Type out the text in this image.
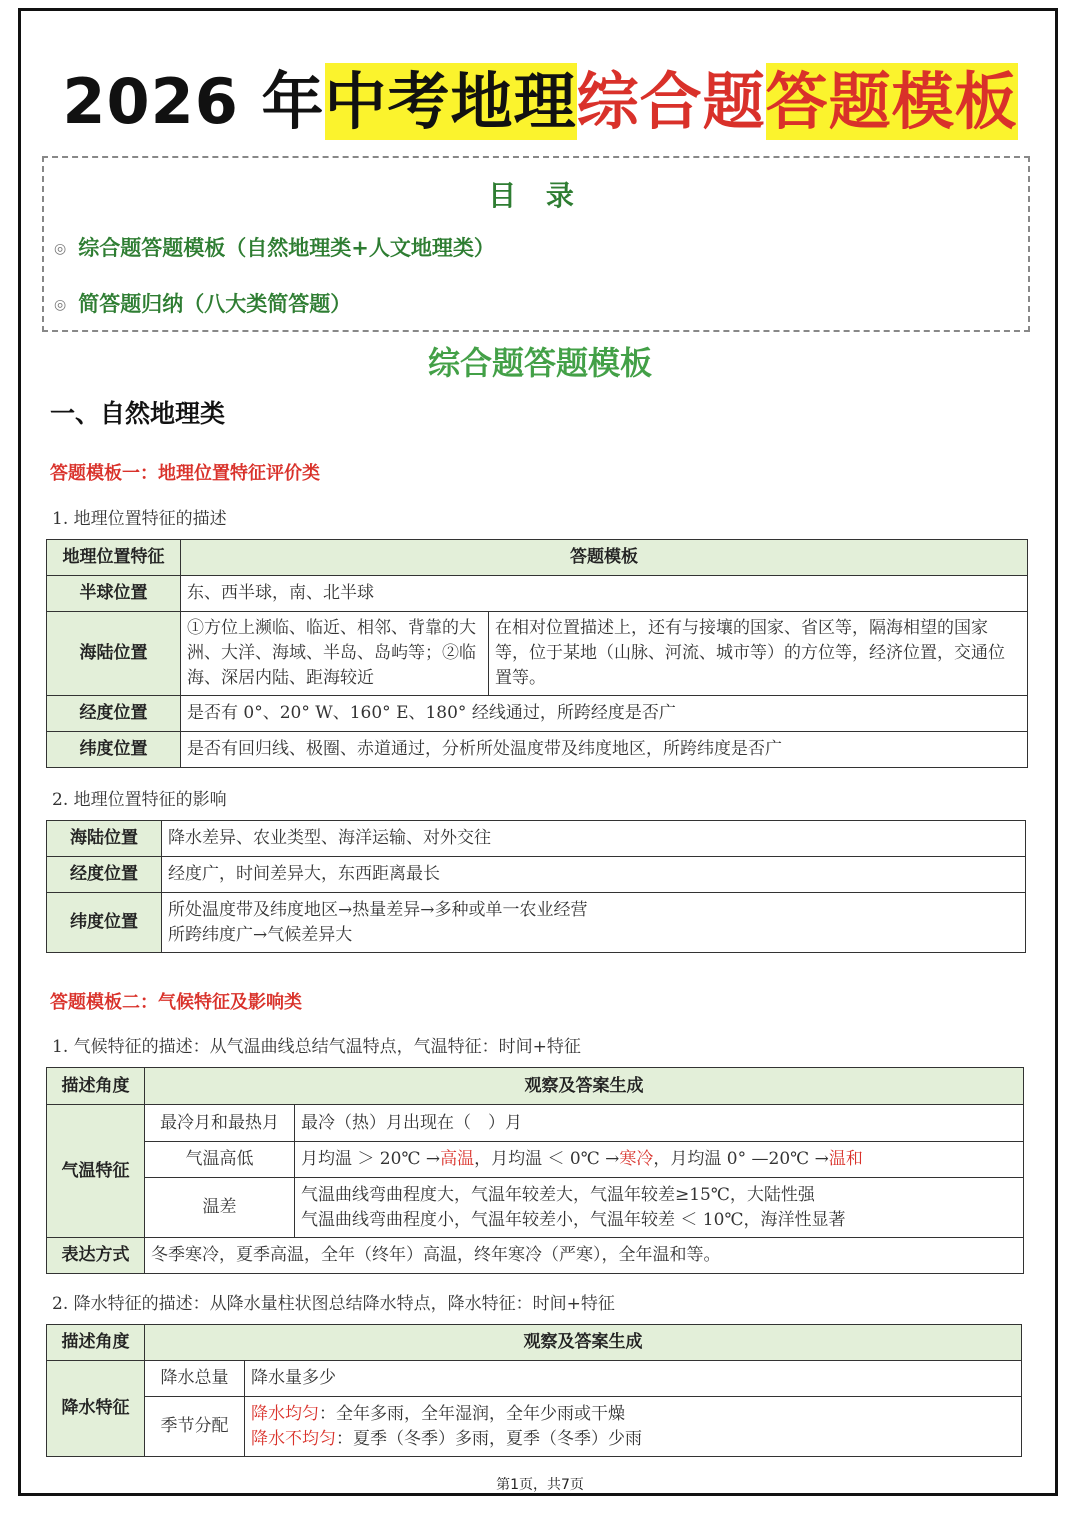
2026 年中考地理综合题答题模板
目 录
◎ 综合题答题模板（自然地理类+人文地理类）
◎ 简答题归纳（八大类简答题）
综合题答题模板
一、自然地理类
答题模板一：地理位置特征评价类
1. 地理位置特征的描述
地理位置特征	答题模板	
半球位置	东、西半球，南、北半球	
海陆位置	①方位上濒临、临近、相邻、背靠的大洲、大洋、海域、半岛、岛屿等；②临海、深居内陆、距海较近	在相对位置描述上，还有与接壤的国家、省区等，隔海相望的国家等，位于某地（山脉、河流、城市等）的方位等，经济位置，交通位置等。
经度位置	是否有 0°、20° W、160° E、180° 经线通过，所跨经度是否广	
纬度位置	是否有回归线、极圈、赤道通过，分析所处温度带及纬度地区，所跨纬度是否广	
2. 地理位置特征的影响
海陆位置	降水差异、农业类型、海洋运输、对外交往
经度位置	经度广，时间差异大，东西距离最长
纬度位置	所处温度带及纬度地区→热量差异→多种或单一农业经营
所跨纬度广→气候差异大
答题模板二：气候特征及影响类
1. 气候特征的描述：从气温曲线总结气温特点，气温特征：时间+特征
描述角度	观察及答案生成	
气温特征	最冷月和最热月	最冷（热）月出现在（　）月
	气温高低	月均温 ＞ 20℃ →高温，月均温 ＜ 0℃ →寒冷，月均温 0° —20℃ →温和
	温差	气温曲线弯曲程度大，气温年较差大，气温年较差≥15℃，大陆性强
气温曲线弯曲程度小，气温年较差小，气温年较差 ＜ 10℃，海洋性显著

表达方式	冬季寒冷，夏季高温，全年（终年）高温，终年寒冷（严寒），全年温和等。	
2. 降水特征的描述：从降水量柱状图总结降水特点，降水特征：时间+特征
描述角度	观察及答案生成	
降水特征	降水总量	降水量多少
	季节分配	降水均匀：全年多雨，全年湿润，全年少雨或干燥
降水不均匀：夏季（冬季）多雨，夏季（冬季）少雨
第1页，共7页
